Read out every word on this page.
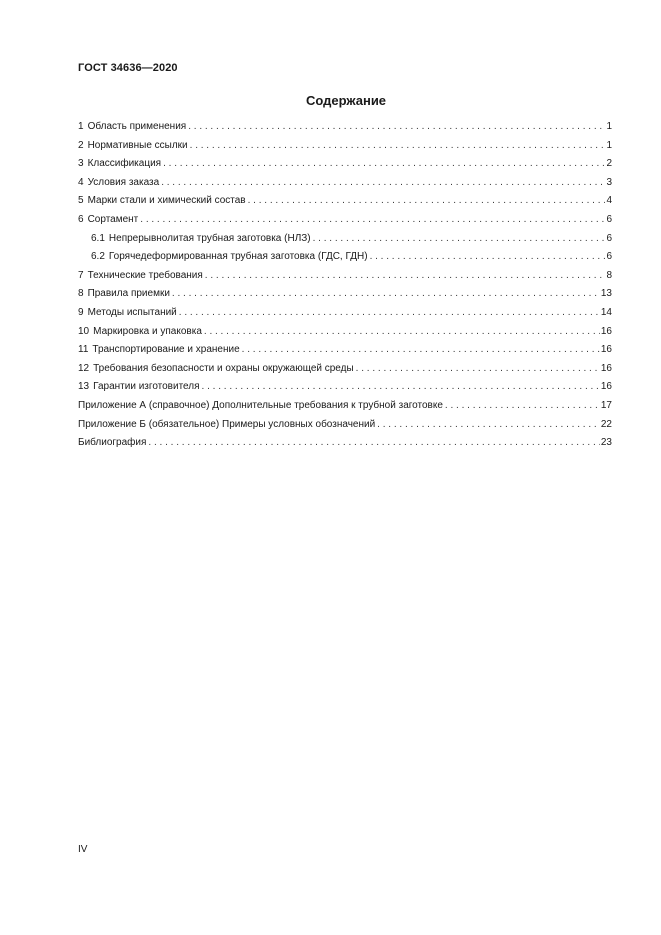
ГОСТ 34636—2020
Содержание
1 Область применения . . .	1
2 Нормативные ссылки . . .	1
3 Классификация . . .	2
4 Условия заказа . . .	3
5 Марки стали и химический состав . . .	4
6 Сортамент . . .	6
6.1 Непрерывнолитая трубная заготовка (НЛЗ) . . .	6
6.2 Горячедеформированная трубная заготовка (ГДС, ГДН) . . .	6
7 Технические требования . . .	8
8 Правила приемки . . .	13
9 Методы испытаний . . .	14
10 Маркировка и упаковка . . .	16
11 Транспортирование и хранение . . .	16
12 Требования безопасности и охраны окружающей среды . . .	16
13 Гарантии изготовителя . . .	16
Приложение А (справочное) Дополнительные требования к трубной заготовке . . .	17
Приложение Б (обязательное) Примеры условных обозначений . . .	22
Библиография . . .	23
IV
